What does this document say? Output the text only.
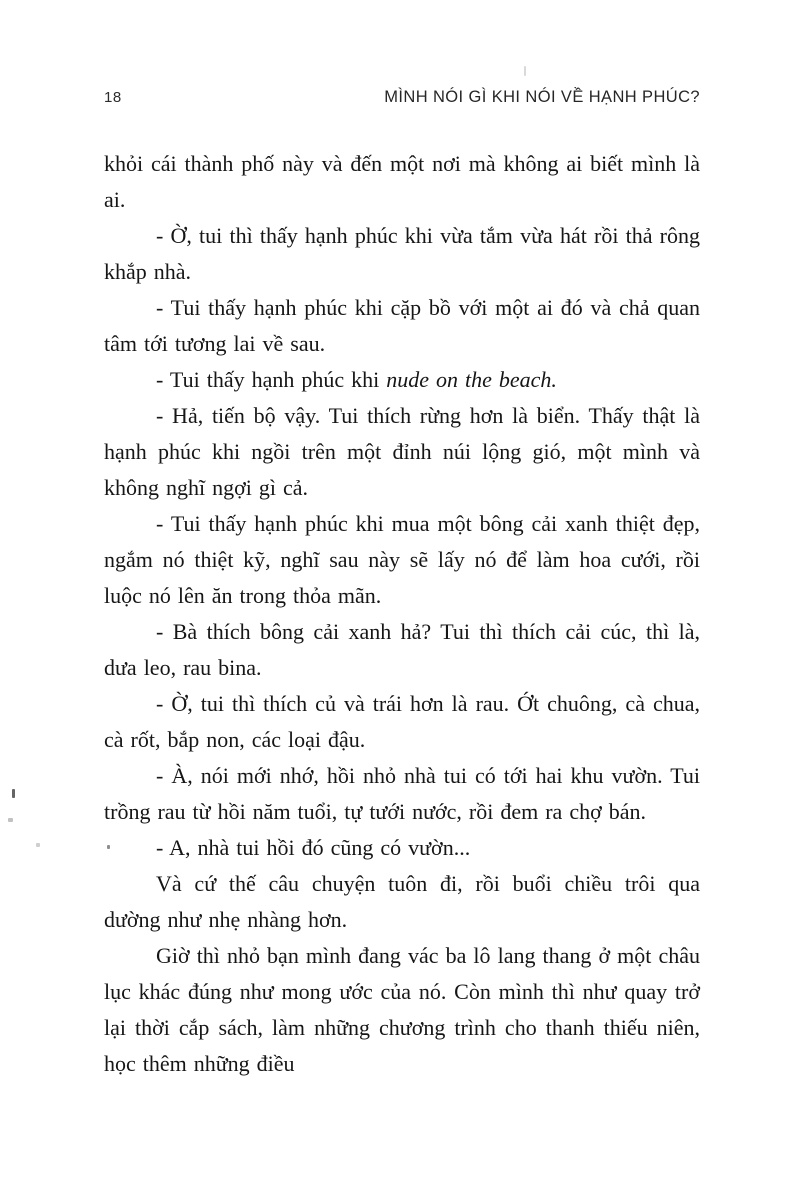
18	MÌNH NÓI GÌ KHI NÓI VỀ HẠNH PHÚC?

khỏi cái thành phố này và đến một nơi mà không ai biết mình là ai.

- Ờ, tui thì thấy hạnh phúc khi vừa tắm vừa hát rồi thả rông khắp nhà.

- Tui thấy hạnh phúc khi cặp bồ với một ai đó và chả quan tâm tới tương lai về sau.

- Tui thấy hạnh phúc khi nude on the beach.

- Hả, tiến bộ vậy. Tui thích rừng hơn là biển. Thấy thật là hạnh phúc khi ngồi trên một đỉnh núi lộng gió, một mình và không nghĩ ngợi gì cả.

- Tui thấy hạnh phúc khi mua một bông cải xanh thiệt đẹp, ngắm nó thiệt kỹ, nghĩ sau này sẽ lấy nó để làm hoa cưới, rồi luộc nó lên ăn trong thỏa mãn.

- Bà thích bông cải xanh hả? Tui thì thích cải cúc, thì là, dưa leo, rau bina.

- Ờ, tui thì thích củ và trái hơn là rau. Ớt chuông, cà chua, cà rốt, bắp non, các loại đậu.

- À, nói mới nhớ, hồi nhỏ nhà tui có tới hai khu vườn. Tui trồng rau từ hồi năm tuổi, tự tưới nước, rồi đem ra chợ bán.

- A, nhà tui hồi đó cũng có vườn...

Và cứ thế câu chuyện tuôn đi, rồi buổi chiều trôi qua dường như nhẹ nhàng hơn.

Giờ thì nhỏ bạn mình đang vác ba lô lang thang ở một châu lục khác đúng như mong ước của nó. Còn mình thì như quay trở lại thời cắp sách, làm những chương trình cho thanh thiếu niên, học thêm những điều
